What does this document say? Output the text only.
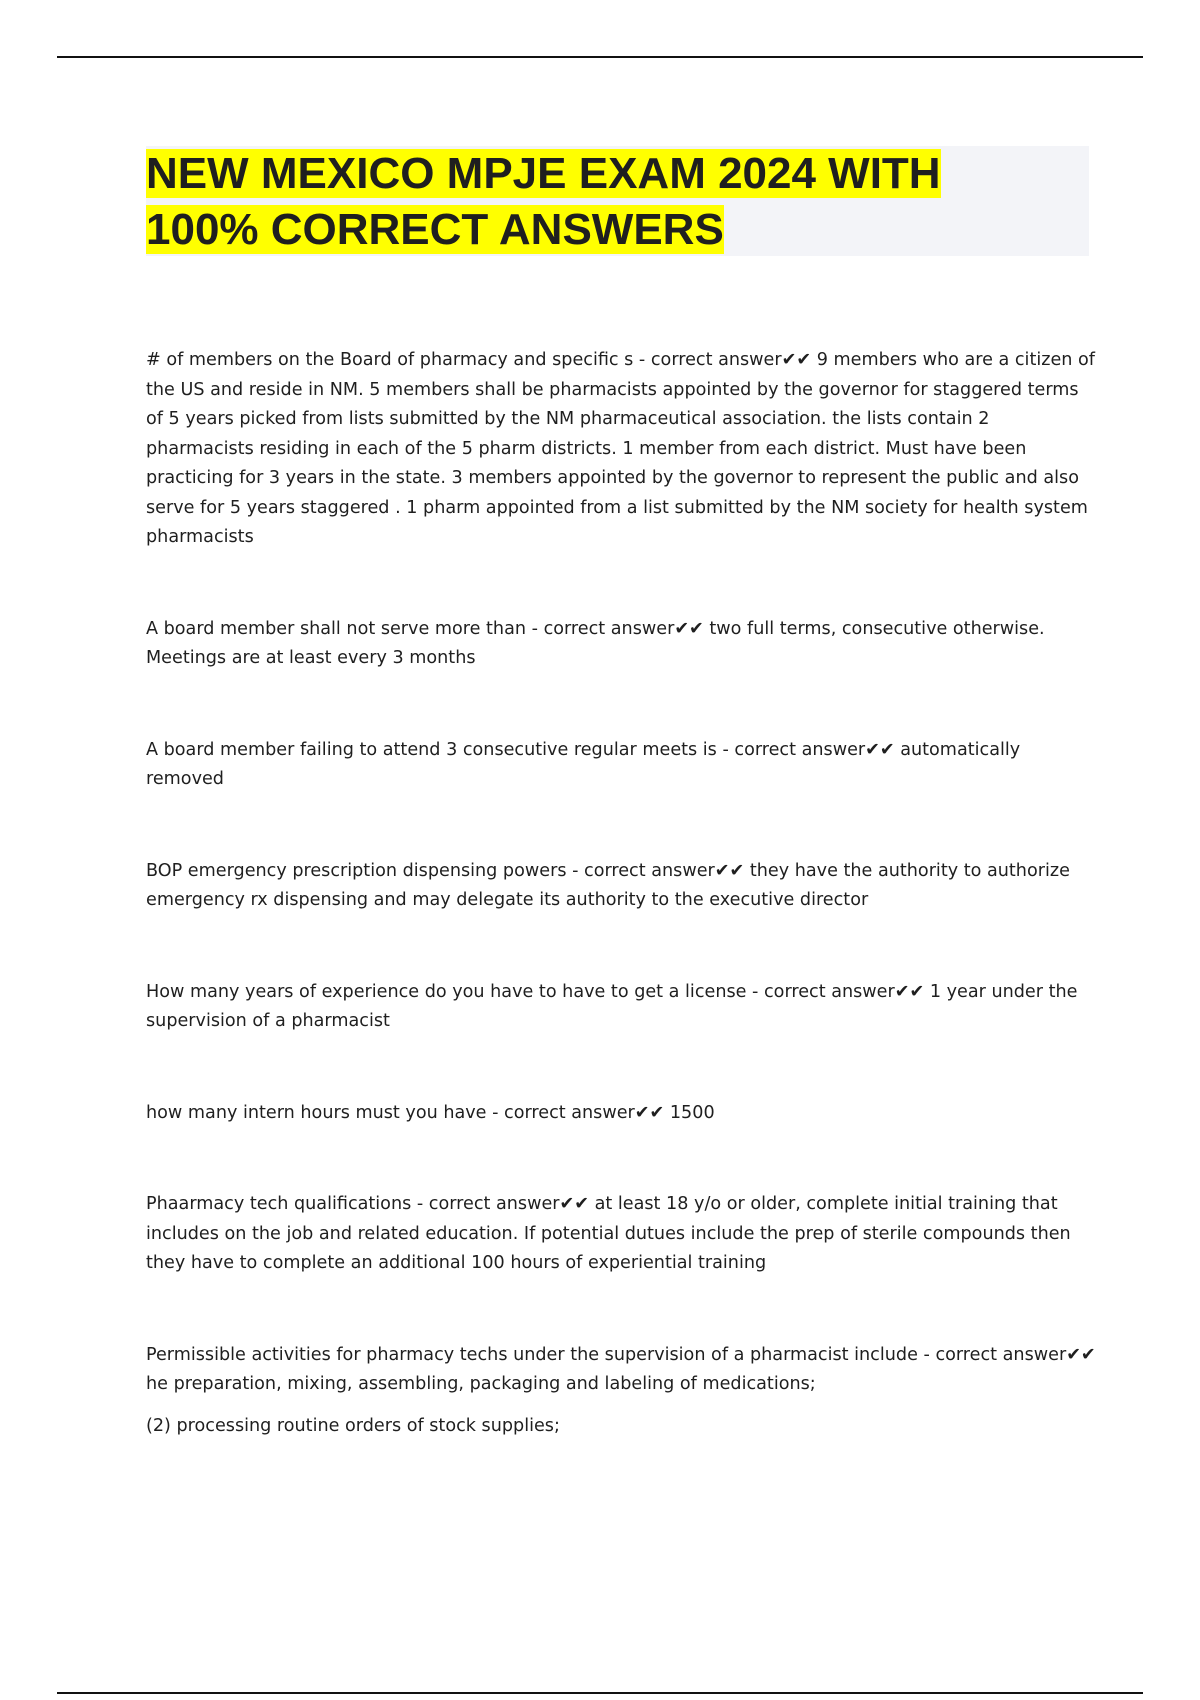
NEW MEXICO MPJE EXAM 2024 WITH
100% CORRECT ANSWERS

# of members on the Board of pharmacy and specific s - correct answer✔✔ 9 members who are a citizen of the US and reside in NM. 5 members shall be pharmacists appointed by the governor for staggered terms of 5 years picked from lists submitted by the NM pharmaceutical association. the lists contain 2 pharmacists residing in each of the 5 pharm districts. 1 member from each district. Must have been practicing for 3 years in the state. 3 members appointed by the governor to represent the public and also serve for 5 years staggered . 1 pharm appointed from a list submitted by the NM society for health system pharmacists

A board member shall not serve more than - correct answer✔✔ two full terms, consecutive otherwise. Meetings are at least every 3 months

A board member failing to attend 3 consecutive regular meets is - correct answer✔✔ automatically removed

BOP emergency prescription dispensing powers - correct answer✔✔ they have the authority to authorize emergency rx dispensing and may delegate its authority to the executive director

How many years of experience do you have to have to get a license - correct answer✔✔ 1 year under the supervision of a pharmacist

how many intern hours must you have - correct answer✔✔ 1500

Phaarmacy tech qualifications - correct answer✔✔ at least 18 y/o or older, complete initial training that includes on the job and related education. If potential dutues include the prep of sterile compounds then they have to complete an additional 100 hours of experiential training

Permissible activities for pharmacy techs under the supervision of a pharmacist include - correct answer✔✔ he preparation, mixing, assembling, packaging and labeling of medications;

(2) processing routine orders of stock supplies;
